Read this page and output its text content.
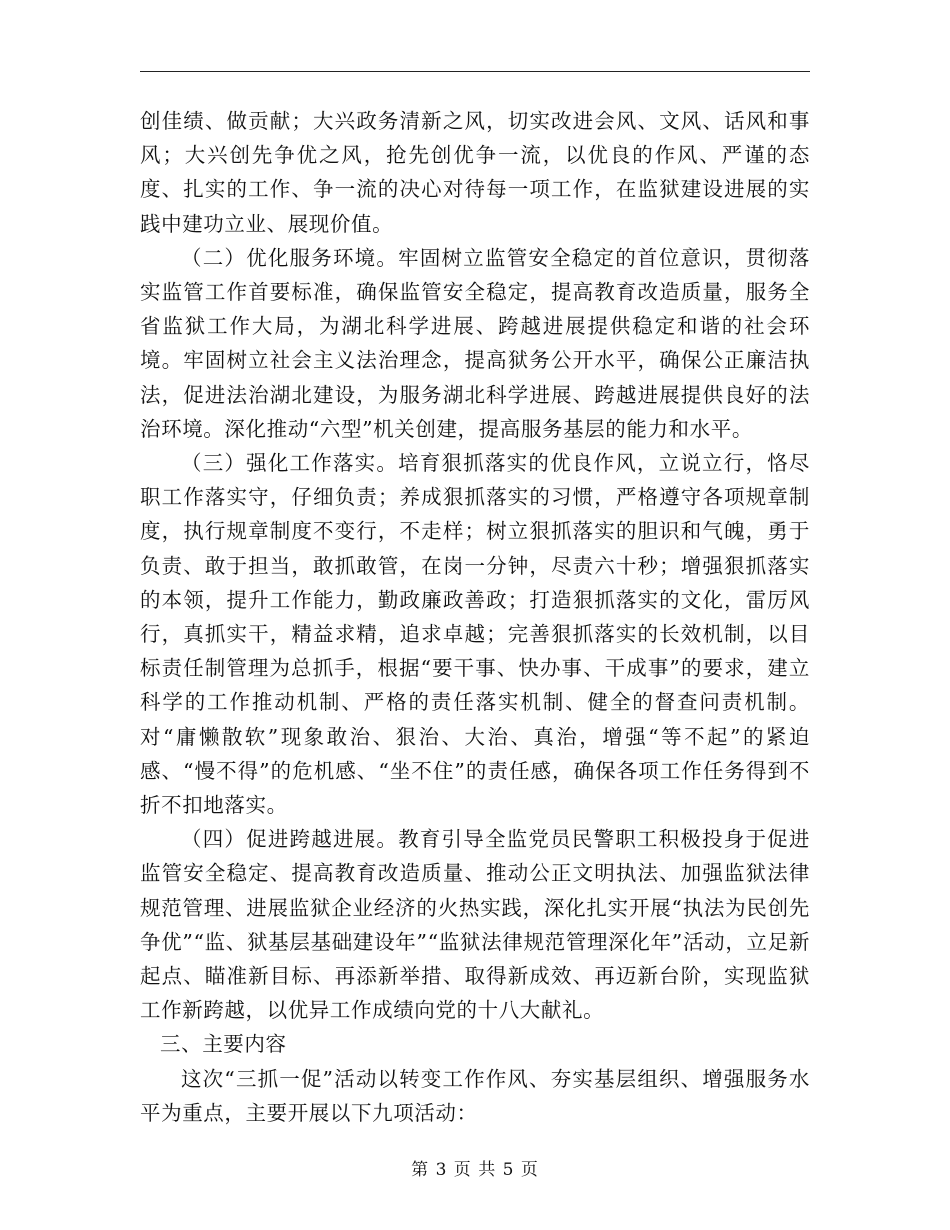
创佳绩、做贡献；大兴政务清新之风，切实改进会风、文风、话风和事风；大兴创先争优之风，抢先创优争一流，以优良的作风、严谨的态度、扎实的工作、争一流的决心对待每一项工作，在监狱建设进展的实践中建功立业、展现价值。

（二）优化服务环境。牢固树立监管安全稳定的首位意识，贯彻落实监管工作首要标准，确保监管安全稳定，提高教育改造质量，服务全省监狱工作大局，为湖北科学进展、跨越进展提供稳定和谐的社会环境。牢固树立社会主义法治理念，提高狱务公开水平，确保公正廉洁执法，促进法治湖北建设，为服务湖北科学进展、跨越进展提供良好的法治环境。深化推动“六型”机关创建，提高服务基层的能力和水平。

（三）强化工作落实。培育狠抓落实的优良作风，立说立行，恪尽职工作落实守，仔细负责；养成狠抓落实的习惯，严格遵守各项规章制度，执行规章制度不变行，不走样；树立狠抓落实的胆识和气魄，勇于负责、敢于担当，敢抓敢管，在岗一分钟，尽责六十秒；增强狠抓落实的本领，提升工作能力，勤政廉政善政；打造狠抓落实的文化，雷厉风行，真抓实干，精益求精，追求卓越；完善狠抓落实的长效机制，以目标责任制管理为总抓手，根据“要干事、快办事、干成事”的要求，建立科学的工作推动机制、严格的责任落实机制、健全的督查问责机制。对“庸懒散软”现象敢治、狠治、大治、真治，增强“等不起”的紧迫感、“慢不得”的危机感、“坐不住”的责任感，确保各项工作任务得到不折不扣地落实。

（四）促进跨越进展。教育引导全监党员民警职工积极投身于促进监管安全稳定、提高教育改造质量、推动公正文明执法、加强监狱法律规范管理、进展监狱企业经济的火热实践，深化扎实开展“执法为民创先争优”“监、狱基层基础建设年”“监狱法律规范管理深化年”活动，立足新起点、瞄准新目标、再添新举措、取得新成效、再迈新台阶，实现监狱工作新跨越，以优异工作成绩向党的十八大献礼。

三、主要内容

这次“三抓一促”活动以转变工作作风、夯实基层组织、增强服务水平为重点，主要开展以下九项活动：

第 3 页 共 5 页
